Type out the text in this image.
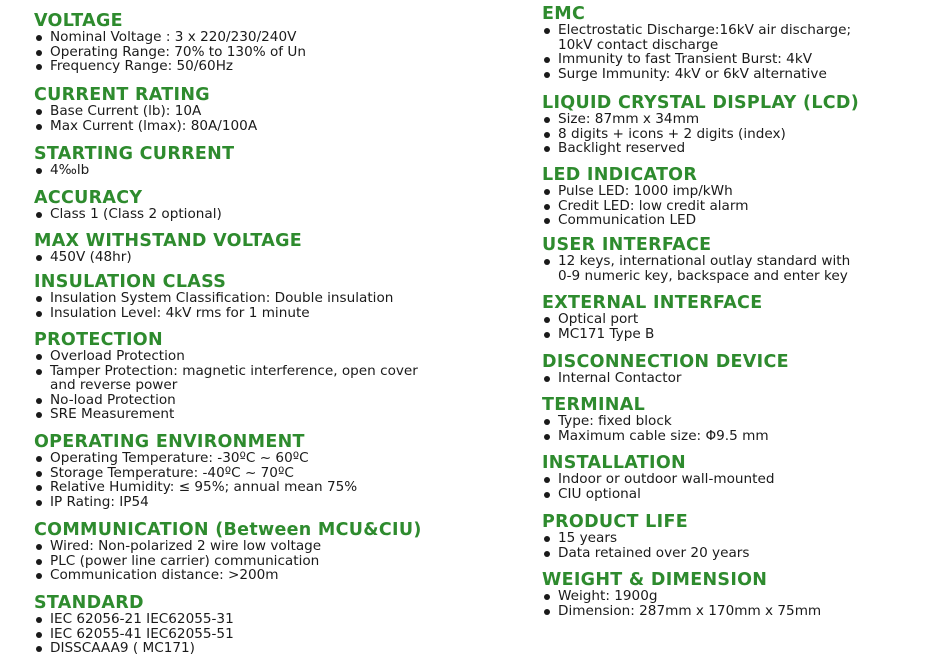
VOLTAGE
Nominal Voltage : 3 x 220/230/240V
Operating Range: 70% to 130% of Un
Frequency Range: 50/60Hz
CURRENT RATING
Base Current (lb): 10A
Max Current (lmax): 80A/100A
STARTING CURRENT
4‰lb
ACCURACY
Class 1 (Class 2 optional)
MAX WITHSTAND VOLTAGE
450V (48hr)
INSULATION CLASS
Insulation System Classification: Double insulation
Insulation Level: 4kV rms for 1 minute
PROTECTION
Overload Protection
Tamper Protection: magnetic interference, open cover
and reverse power
No-load Protection
SRE Measurement
OPERATING ENVIRONMENT
Operating Temperature: -30ºC ~ 60ºC
Storage Temperature: -40ºC ~ 70ºC
Relative Humidity: ≤ 95%; annual mean 75%
IP Rating: IP54
COMMUNICATION (Between MCU&CIU)
Wired: Non-polarized 2 wire low voltage
PLC (power line carrier) communication
Communication distance: >200m
STANDARD
IEC 62056-21 IEC62055-31
IEC 62055-41 IEC62055-51
DISSCAAA9 ( MC171)
EMC
Electrostatic Discharge:16kV air discharge;
10kV contact discharge
Immunity to fast Transient Burst: 4kV
Surge Immunity: 4kV or 6kV alternative
LIQUID CRYSTAL DISPLAY (LCD)
Size: 87mm x 34mm
8 digits + icons + 2 digits (index)
Backlight reserved
LED INDICATOR
Pulse LED: 1000 imp/kWh
Credit LED: low credit alarm
Communication LED
USER INTERFACE
12 keys, international outlay standard with
0-9 numeric key, backspace and enter key
EXTERNAL INTERFACE
Optical port
MC171 Type B
DISCONNECTION DEVICE
Internal Contactor
TERMINAL
Type: fixed block
Maximum cable size: Φ9.5 mm
INSTALLATION
Indoor or outdoor wall-mounted
CIU optional
PRODUCT LIFE
15 years
Data retained over 20 years
WEIGHT & DIMENSION
Weight: 1900g
Dimension: 287mm x 170mm x 75mm
